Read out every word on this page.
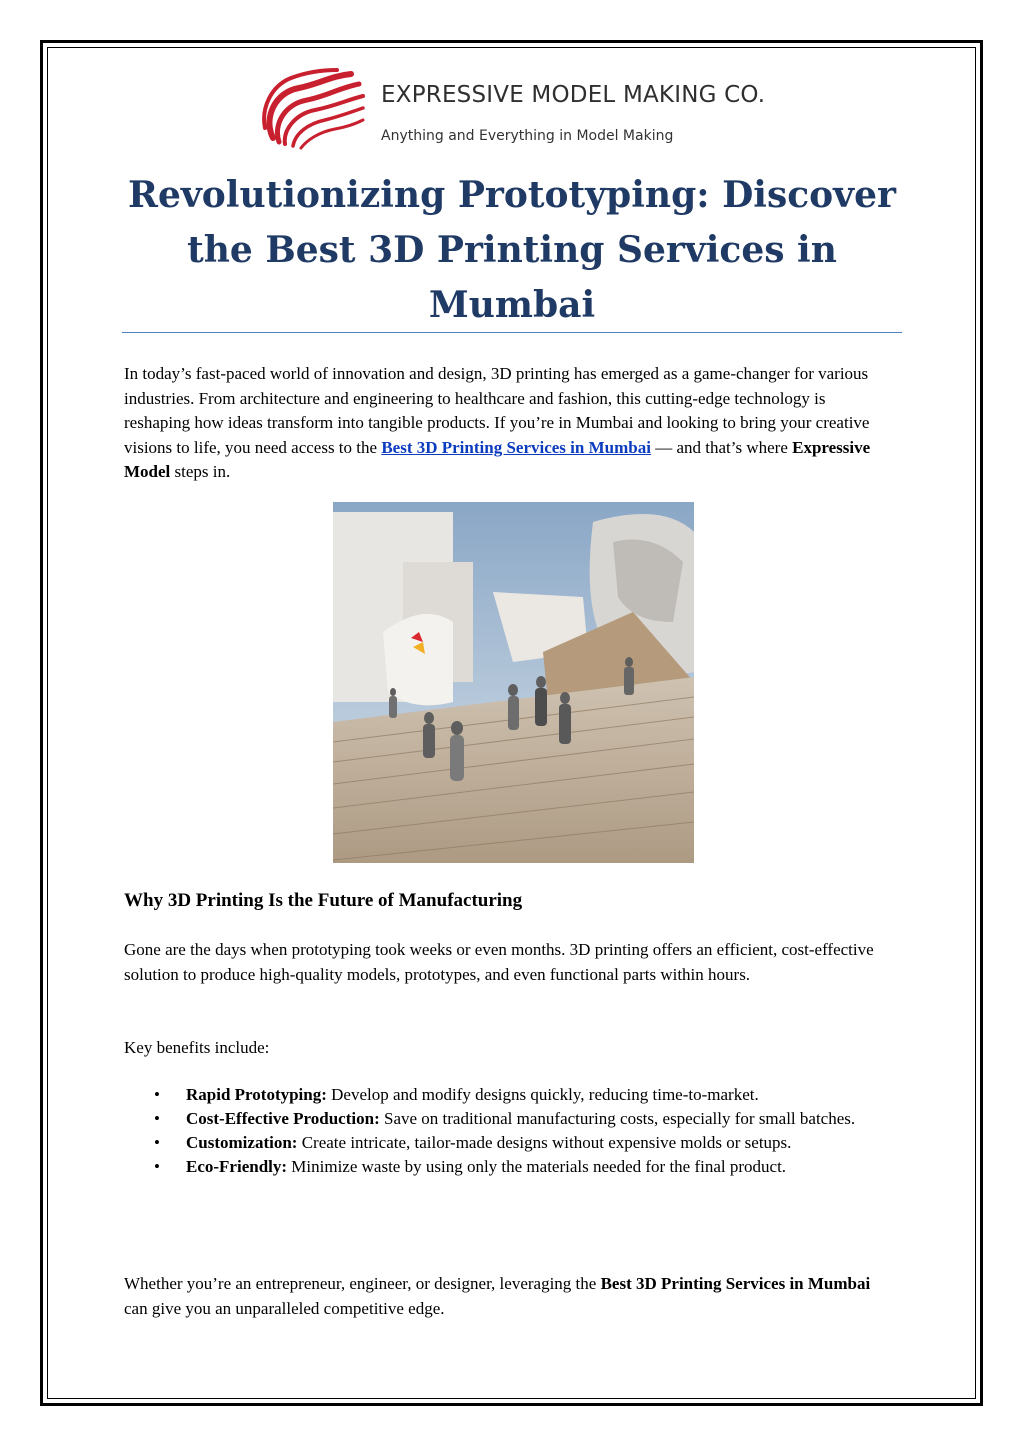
EXPRESSIVE MODEL MAKING CO.
Anything and Everything in Model Making
Revolutionizing Prototyping: Discover the Best 3D Printing Services in Mumbai

In today’s fast-paced world of innovation and design, 3D printing has emerged as a game-changer for various industries. From architecture and engineering to healthcare and fashion, this cutting-edge technology is reshaping how ideas transform into tangible products. If you’re in Mumbai and looking to bring your creative visions to life, you need access to the Best 3D Printing Services in Mumbai — and that’s where Expressive Model steps in.

Why 3D Printing Is the Future of Manufacturing

Gone are the days when prototyping took weeks or even months. 3D printing offers an efficient, cost-effective solution to produce high-quality models, prototypes, and even functional parts within hours.

Key benefits include:

• Rapid Prototyping: Develop and modify designs quickly, reducing time-to-market.
• Cost-Effective Production: Save on traditional manufacturing costs, especially for small batches.
• Customization: Create intricate, tailor-made designs without expensive molds or setups.
• Eco-Friendly: Minimize waste by using only the materials needed for the final product.

Whether you’re an entrepreneur, engineer, or designer, leveraging the Best 3D Printing Services in Mumbai can give you an unparalleled competitive edge.
